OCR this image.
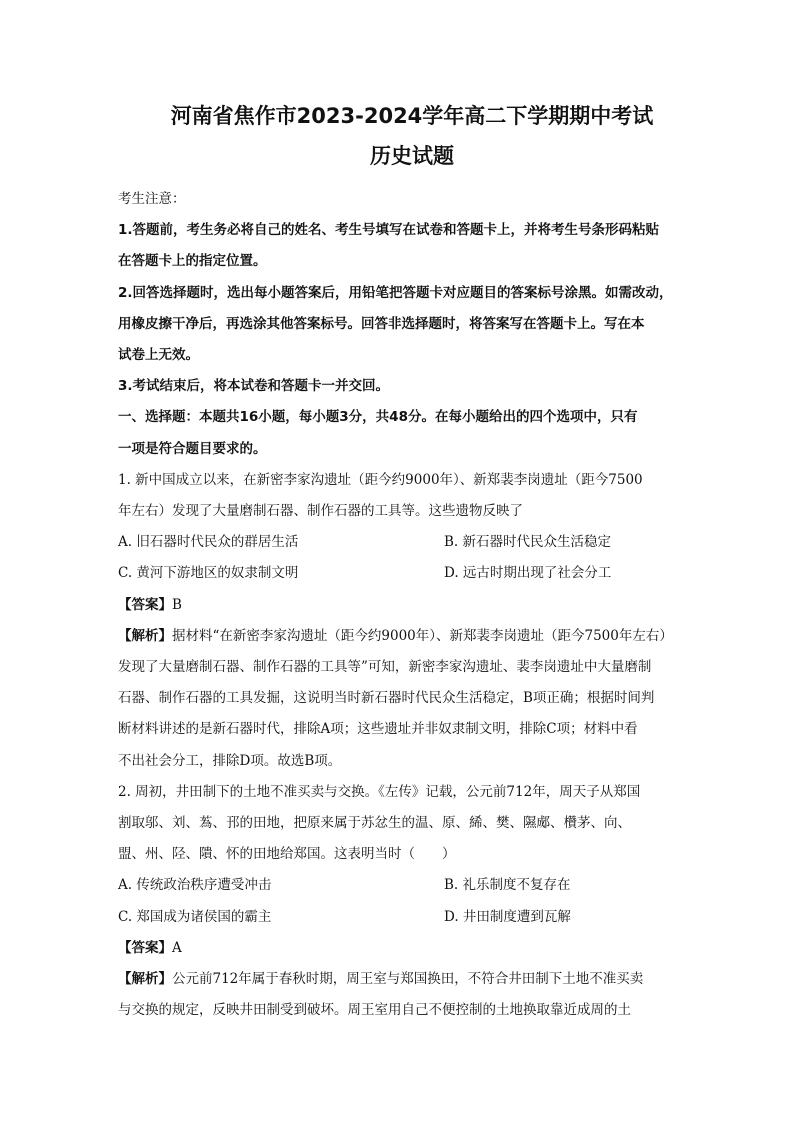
河南省焦作市2023-2024学年高二下学期期中考试

历史试题

考生注意：

1.答题前，考生务必将自己的姓名、考生号填写在试卷和答题卡上，并将考生号条形码粘贴

在答题卡上的指定位置。

2.回答选择题时，选出每小题答案后，用铅笔把答题卡对应题目的答案标号涂黑。如需改动，

用橡皮擦干净后，再选涂其他答案标号。回答非选择题时，将答案写在答题卡上。写在本

试卷上无效。

3.考试结束后，将本试卷和答题卡一并交回。

一、选择题：本题共16小题，每小题3分，共48分。在每小题给出的四个选项中，只有

一项是符合题目要求的。

1. 新中国成立以来，在新密李家沟遗址（距今约9000年）、新郑裴李岗遗址（距今7500

年左右）发现了大量磨制石器、制作石器的工具等。这些遗物反映了

A. 旧石器时代民众的群居生活	B. 新石器时代民众生活稳定
C. 黄河下游地区的奴隶制文明	D. 远古时期出现了社会分工

【答案】B

【解析】据材料“在新密李家沟遗址（距今约9000年）、新郑裴李岗遗址（距今7500年左右）

发现了大量磨制石器、制作石器的工具等”可知，新密李家沟遗址、裴李岗遗址中大量磨制

石器、制作石器的工具发掘，这说明当时新石器时代民众生活稳定，B项正确；根据时间判

断材料讲述的是新石器时代，排除A项；这些遗址并非奴隶制文明，排除C项；材料中看

不出社会分工，排除D项。故选B项。

2. 周初，井田制下的土地不准买卖与交换。《左传》记载，公元前712年，周天子从郑国

割取邬、刘、蒍、邘的田地，把原来属于苏忿生的温、原、絺、樊、隰郕、欑茅、向、

盟、州、陉、隤、怀的田地给郑国。这表明当时（　　）

A. 传统政治秩序遭受冲击	B. 礼乐制度不复存在
C. 郑国成为诸侯国的霸主	D. 井田制度遭到瓦解

【答案】A

【解析】公元前712年属于春秋时期，周王室与郑国换田，不符合井田制下土地不准买卖

与交换的规定，反映井田制受到破坏。周王室用自己不便控制的土地换取靠近成周的土
